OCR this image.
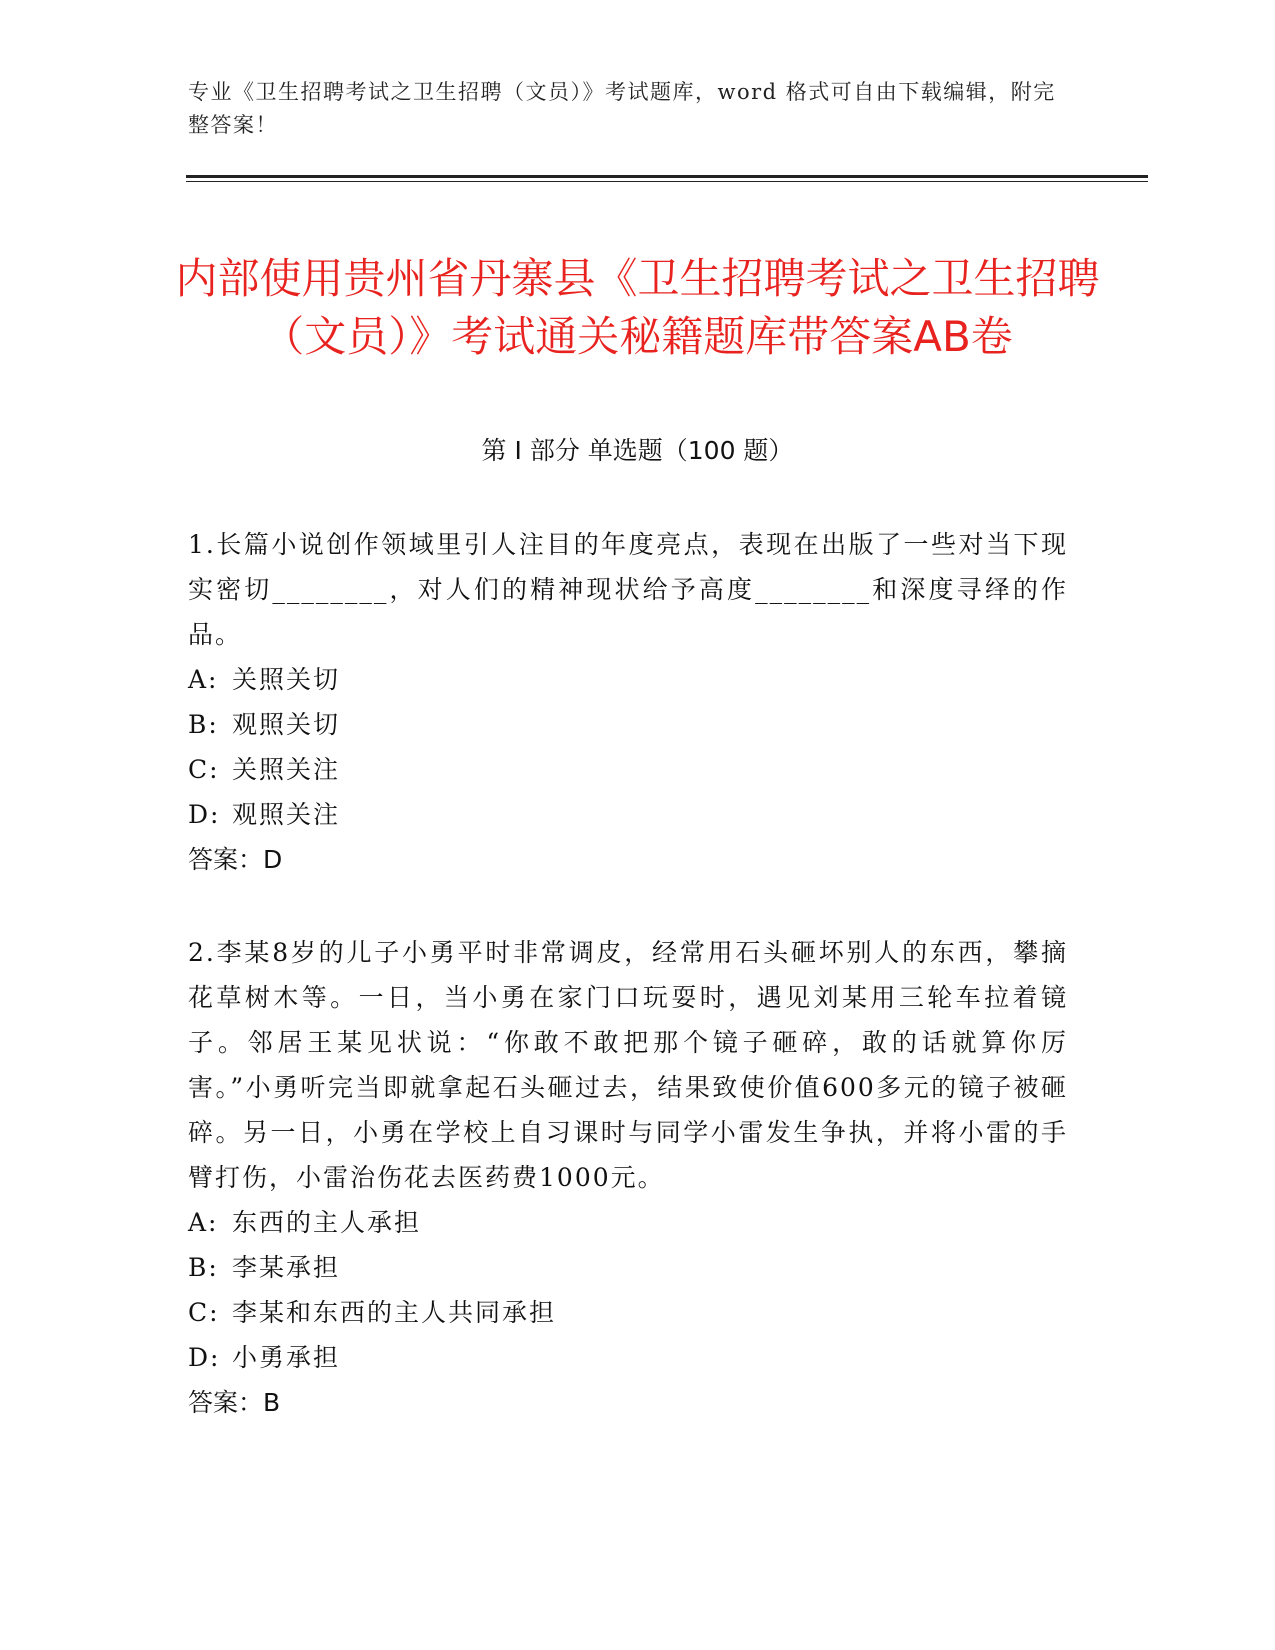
专业《卫生招聘考试之卫生招聘（文员）》考试题库，word 格式可自由下载编辑，附完整答案！
内部使用贵州省丹寨县《卫生招聘考试之卫生招聘（文员）》考试通关秘籍题库带答案AB卷
第 I 部分 单选题（100 题）

1.长篇小说创作领域里引人注目的年度亮点，表现在出版了一些对当下现实密切________，对人们的精神现状给予高度________和深度寻绎的作品。

A: 关照关切
B: 观照关切
C: 关照关注
D: 观照关注

答案：D

2.李某8岁的儿子小勇平时非常调皮，经常用石头砸坏别人的东西，攀摘花草树木等。一日，当小勇在家门口玩耍时，遇见刘某用三轮车拉着镜子。邻居王某见状说：“你敢不敢把那个镜子砸碎，敢的话就算你厉害。”小勇听完当即就拿起石头砸过去，结果致使价值600多元的镜子被砸碎。另一日，小勇在学校上自习课时与同学小雷发生争执，并将小雷的手臂打伤，小雷治伤花去医药费1000元。

A: 东西的主人承担
B: 李某承担
C: 李某和东西的主人共同承担
D: 小勇承担

答案：B
